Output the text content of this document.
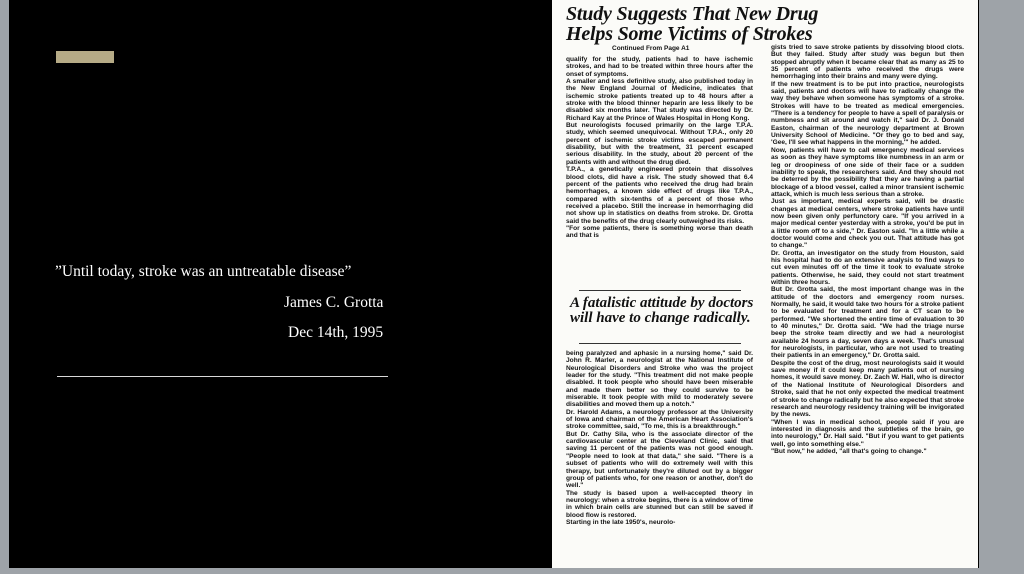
”Until today, stroke was an untreatable disease”
James C. Grotta
Dec 14th, 1995
Study Suggests That New Drug
Helps Some Victims of Strokes
Continued From Page A1

qualify for the study, patients had to have ischemic strokes, and had to be treated within three hours after the onset of symptoms.

A smaller and less definitive study, also published today in the New England Journal of Medicine, indicates that ischemic stroke patients treated up to 48 hours after a stroke with the blood thinner heparin are less likely to be disabled six months later. That study was directed by Dr. Richard Kay at the Prince of Wales Hospital in Hong Kong.

But neurologists focused primarily on the large T.P.A. study, which seemed unequivocal. Without T.P.A., only 20 percent of ischemic stroke victims escaped permanent disability, but with the treatment, 31 percent escaped serious disability. In the study, about 20 percent of the patients with and without the drug died.

T.P.A., a genetically engineered protein that dissolves blood clots, did have a risk. The study showed that 6.4 percent of the patients who received the drug had brain hemorrhages, a known side effect of drugs like T.P.A., compared with six-tenths of a percent of those who received a placebo. Still the increase in hemorrhaging did not show up in statistics on deaths from stroke. Dr. Grotta said the benefits of the drug clearly outweighed its risks.

"For some patients, there is something worse than death and that is

A fatalistic attitude by doctors will have to change radically.

being paralyzed and aphasic in a nursing home," said Dr. John R. Marler, a neurologist at the National Institute of Neurological Disorders and Stroke who was the project leader for the study. "This treatment did not make people disabled. It took people who should have been miserable and made them better so they could survive to be miserable. It took people with mild to moderately severe disabilities and moved them up a notch."

Dr. Harold Adams, a neurology professor at the University of Iowa and chairman of the American Heart Association's stroke committee, said, "To me, this is a breakthrough."

But Dr. Cathy Sila, who is the associate director of the cardiovascular center at the Cleveland Clinic, said that saving 11 percent of the patients was not good enough. "People need to look at that data," she said. "There is a subset of patients who will do extremely well with this therapy, but unfortunately they're diluted out by a bigger group of patients who, for one reason or another, don't do well."

The study is based upon a well-accepted theory in neurology: when a stroke begins, there is a window of time in which brain cells are stunned but can still be saved if blood flow is restored.

Starting in the late 1950's, neurolo-

gists tried to save stroke patients by dissolving blood clots. But they failed. Study after study was begun but then stopped abruptly when it became clear that as many as 25 to 35 percent of patients who received the drugs were hemorrhaging into their brains and many were dying.

If the new treatment is to be put into practice, neurologists said, patients and doctors will have to radically change the way they behave when someone has symptoms of a stroke. Strokes will have to be treated as medical emergencies. "There is a tendency for people to have a spell of paralysis or numbness and sit around and watch it," said Dr. J. Donald Easton, chairman of the neurology department at Brown University School of Medicine. "Or they go to bed and say, 'Gee, I'll see what happens in the morning,'" he added.

Now, patients will have to call emergency medical services as soon as they have symptoms like numbness in an arm or leg or droopiness of one side of their face or a sudden inability to speak, the researchers said. And they should not be deterred by the possibility that they are having a partial blockage of a blood vessel, called a minor transient ischemic attack, which is much less serious than a stroke.

Just as important, medical experts said, will be drastic changes at medical centers, where stroke patients have until now been given only perfunctory care. "If you arrived in a major medical center yesterday with a stroke, you'd be put in a little room off to a side," Dr. Easton said. "In a little while a doctor would come and check you out. That attitude has got to change."

Dr. Grotta, an investigator on the study from Houston, said his hospital had to do an extensive analysis to find ways to cut even minutes off of the time it took to evaluate stroke patients. Otherwise, he said, they could not start treatment within three hours.

But Dr. Grotta said, the most important change was in the attitude of the doctors and emergency room nurses. Normally, he said, it would take two hours for a stroke patient to be evaluated for treatment and for a CT scan to be performed. "We shortened the entire time of evaluation to 30 to 40 minutes," Dr. Grotta said. "We had the triage nurse beep the stroke team directly and we had a neurologist available 24 hours a day, seven days a week. That's unusual for neurologists, in particular, who are not used to treating their patients in an emergency," Dr. Grotta said.

Despite the cost of the drug, most neurologists said it would save money if it could keep many patients out of nursing homes, it would save money. Dr. Zach W. Hall, who is director of the National Institute of Neurological Disorders and Stroke, said that he not only expected the medical treatment of stroke to change radically but he also expected that stroke research and neurology residency training will be invigorated by the news.

"When I was in medical school, people said if you are interested in diagnosis and the subtleties of the brain, go into neurology," Dr. Hall said. "But if you want to get patients well, go into something else."

"But now," he added, "all that's going to change."
